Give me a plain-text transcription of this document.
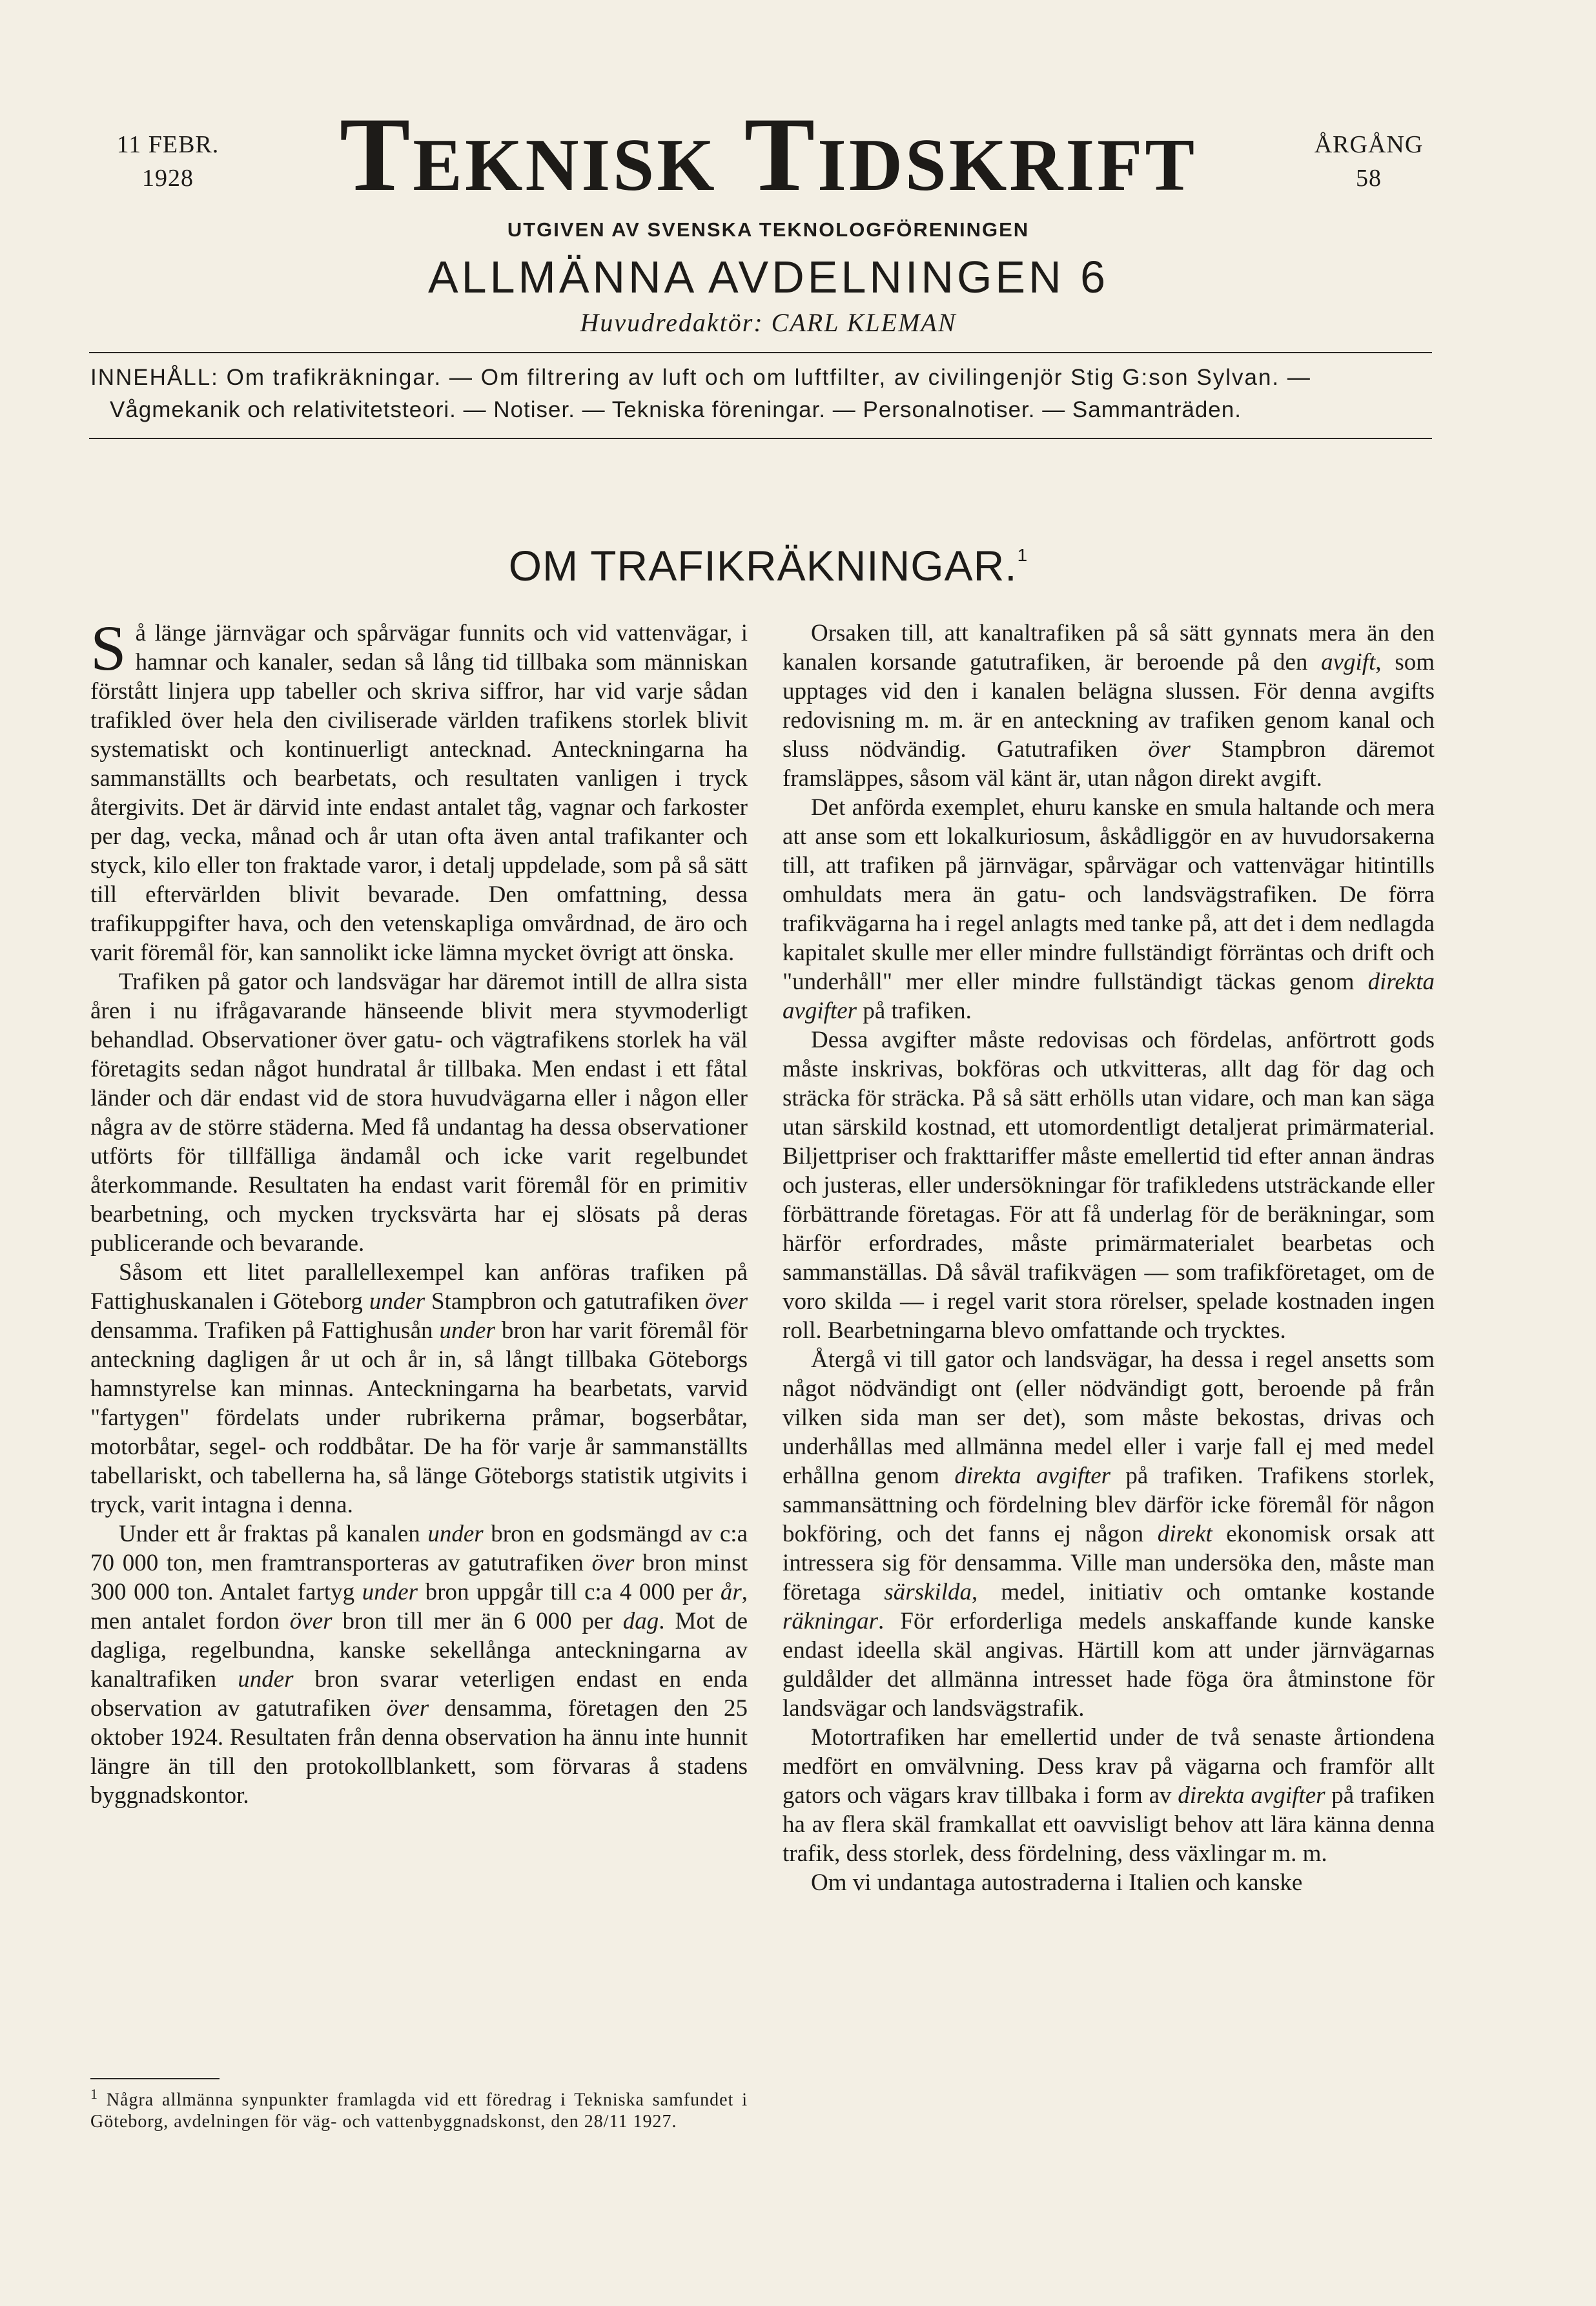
11 FEBR.
1928	Teknisk Tidskrift	ÅRGÅNG
58
UTGIVEN AV SVENSKA TEKNOLOGFÖRENINGEN
ALLMÄNNA AVDELNINGEN 6
Huvudredaktör: CARL KLEMAN
INNEHÅLL: Om trafikräkningar. — Om filtrering av luft och om luftfilter, av civilingenjör Stig G:son Sylvan. —
Vågmekanik och relativitetsteori. — Notiser. — Tekniska föreningar. — Personalnotiser. — Sammanträden.
OM TRAFIKRÄKNINGAR.$^1$

Så länge järnvägar och spårvägar funnits och vid vattenvägar, i hamnar och kanaler, sedan så lång tid tillbaka som människan förstått linjera upp tabeller och skriva siffror, har vid varje sådan trafikled över hela den civiliserade världen trafikens storlek blivit systematiskt och kontinuerligt antecknad. Anteckningarna ha sammanställts och bearbetats, och resultaten vanligen i tryck återgivits. Det är därvid inte endast antalet tåg, vagnar och farkoster per dag, vecka, månad och år utan ofta även antal trafikanter och styck, kilo eller ton fraktade varor, i detalj uppdelade, som på så sätt till eftervärlden blivit bevarade. Den omfattning, dessa trafikuppgifter hava, och den vetenskapliga omvårdnad, de äro och varit föremål för, kan sannolikt icke lämna mycket övrigt att önska.

Trafiken på gator och landsvägar har däremot intill de allra sista åren i nu ifrågavarande hänseende blivit mera styvmoderligt behandlad. Observationer över gatu- och vägtrafikens storlek ha väl företagits sedan något hundratal år tillbaka. Men endast i ett fåtal länder och där endast vid de stora huvudvägarna eller i någon eller några av de större städerna. Med få undantag ha dessa observationer utförts för tillfälliga ändamål och icke varit regelbundet återkommande. Resultaten ha endast varit föremål för en primitiv bearbetning, och mycken trycksvärta har ej slösats på deras publicerande och bevarande.

Såsom ett litet parallellexempel kan anföras trafiken på Fattighuskanalen i Göteborg under Stampbron och gatutrafiken över densamma. Trafiken på Fattighusån under bron har varit föremål för anteckning dagligen år ut och år in, så långt tillbaka Göteborgs hamnstyrelse kan minnas. Anteckningarna ha bearbetats, varvid "fartygen" fördelats under rubrikerna pråmar, bogserbåtar, motorbåtar, segel- och roddbåtar. De ha för varje år sammanställts tabellariskt, och tabellerna ha, så länge Göteborgs statistik utgivits i tryck, varit intagna i denna.

Under ett år fraktas på kanalen under bron en godsmängd av c:a 70 000 ton, men framtransporteras av gatutrafiken över bron minst 300 000 ton. Antalet fartyg under bron uppgår till c:a 4 000 per år, men antalet fordon över bron till mer än 6 000 per dag. Mot de dagliga, regelbundna, kanske sekellånga anteckningarna av kanaltrafiken under bron svarar veterligen endast en enda observation av gatutrafiken över densamma, företagen den 25 oktober 1924. Resultaten från denna observation ha ännu inte hunnit längre än till den protokollblankett, som förvaras å stadens byggnadskontor.

$^1$ Några allmänna synpunkter framlagda vid ett föredrag i Tekniska samfundet i Göteborg, avdelningen för väg- och vattenbyggnadskonst, den 28/11 1927.

Orsaken till, att kanaltrafiken på så sätt gynnats mera än den kanalen korsande gatutrafiken, är beroende på den avgift, som upptages vid den i kanalen belägna slussen. För denna avgifts redovisning m. m. är en anteckning av trafiken genom kanal och sluss nödvändig. Gatutrafiken över Stampbron däremot framsläppes, såsom väl känt är, utan någon direkt avgift.

Det anförda exemplet, ehuru kanske en smula haltande och mera att anse som ett lokalkuriosum, åskådliggör en av huvudorsakerna till, att trafiken på järnvägar, spårvägar och vattenvägar hitintills omhuldats mera än gatu- och landsvägstrafiken. De förra trafikvägarna ha i regel anlagts med tanke på, att det i dem nedlagda kapitalet skulle mer eller mindre fullständigt förräntas och drift och "underhåll" mer eller mindre fullständigt täckas genom direkta avgifter på trafiken.

Dessa avgifter måste redovisas och fördelas, anförtrott gods måste inskrivas, bokföras och utkvitteras, allt dag för dag och sträcka för sträcka. På så sätt erhölls utan vidare, och man kan säga utan särskild kostnad, ett utomordentligt detaljerat primärmaterial. Biljettpriser och frakttariffer måste emellertid tid efter annan ändras och justeras, eller undersökningar för trafikledens utsträckande eller förbättrande företagas. För att få underlag för de beräkningar, som härför erfordrades, måste primärmaterialet bearbetas och sammanställas. Då såväl trafikvägen — som trafikföretaget, om de voro skilda — i regel varit stora rörelser, spelade kostnaden ingen roll. Bearbetningarna blevo omfattande och trycktes.

Återgå vi till gator och landsvägar, ha dessa i regel ansetts som något nödvändigt ont (eller nödvändigt gott, beroende på från vilken sida man ser det), som måste bekostas, drivas och underhållas med allmänna medel eller i varje fall ej med medel erhållna genom direkta avgifter på trafiken. Trafikens storlek, sammansättning och fördelning blev därför icke föremål för någon bokföring, och det fanns ej någon direkt ekonomisk orsak att intressera sig för densamma. Ville man undersöka den, måste man företaga särskilda, medel, initiativ och omtanke kostande räkningar. För erforderliga medels anskaffande kunde kanske endast ideella skäl angivas. Härtill kom att under järnvägarnas guldålder det allmänna intresset hade föga öra åtminstone för landsvägar och landsvägstrafik.

Motortrafiken har emellertid under de två senaste årtiondena medfört en omvälvning. Dess krav på vägarna och framför allt gators och vägars krav tillbaka i form av direkta avgifter på trafiken ha av flera skäl framkallat ett oavvisligt behov att lära känna denna trafik, dess storlek, dess fördelning, dess växlingar m. m.

Om vi undantaga autostraderna i Italien och kanske
